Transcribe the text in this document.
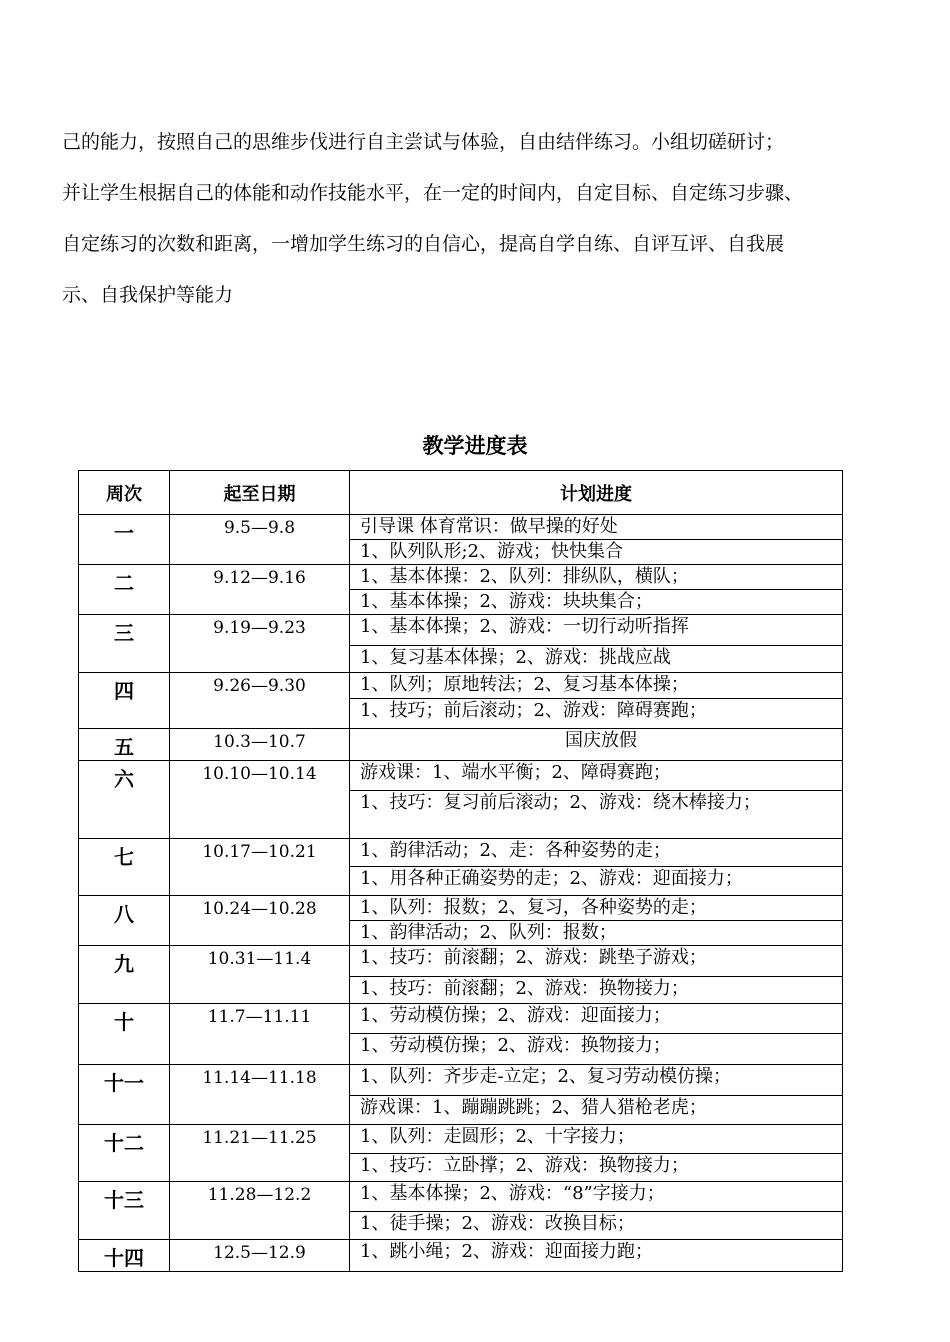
己的能力，按照自己的思维步伐进行自主尝试与体验，自由结伴练习。小组切磋研讨；

并让学生根据自己的体能和动作技能水平，在一定的时间内，自定目标、自定练习步骤、

自定练习的次数和距离，一增加学生练习的自信心，提高自学自练、自评互评、自我展

示、自我保护等能力

教学进度表
周次	起至日期	计划进度
一	9.5—9.8	引导课 体育常识：做早操的好处
		1、队列队形;2、游戏；快快集合
二	9.12—9.16	1、基本体操：2、队列：排纵队，横队；
		1、基本体操；2、游戏：块块集合；
三	9.19—9.23	1、基本体操；2、游戏：一切行动听指挥
		1、复习基本体操；2、游戏：挑战应战
四	9.26—9.30	1、队列；原地转法；2、复习基本体操；
		1、技巧；前后滚动；2、游戏：障碍赛跑；
五	10.3—10.7	国庆放假
六	10.10—10.14	游戏课：1、端水平衡；2、障碍赛跑；
		1、技巧：复习前后滚动；2、游戏：绕木棒接力；
七	10.17—10.21	1、韵律活动；2、走：各种姿势的走；
		1、用各种正确姿势的走；2、游戏：迎面接力；
八	10.24—10.28	1、队列：报数；2、复习，各种姿势的走；
		1、韵律活动；2、队列：报数；
九	10.31—11.4	1、技巧：前滚翻；2、游戏：跳垫子游戏；
		1、技巧：前滚翻；2、游戏：换物接力；
十	11.7—11.11	1、劳动模仿操；2、游戏：迎面接力；
		1、劳动模仿操；2、游戏：换物接力；
十一	11.14—11.18	1、队列：齐步走-立定；2、复习劳动模仿操；
		游戏课：1、蹦蹦跳跳；2、猎人猎枪老虎；
十二	11.21—11.25	1、队列：走圆形；2、十字接力；
		1、技巧：立卧撑；2、游戏：换物接力；
十三	11.28—12.2	1、基本体操；2、游戏：“8”字接力；
		1、徒手操；2、游戏：改换目标；
十四	12.5—12.9	1、跳小绳；2、游戏：迎面接力跑；
